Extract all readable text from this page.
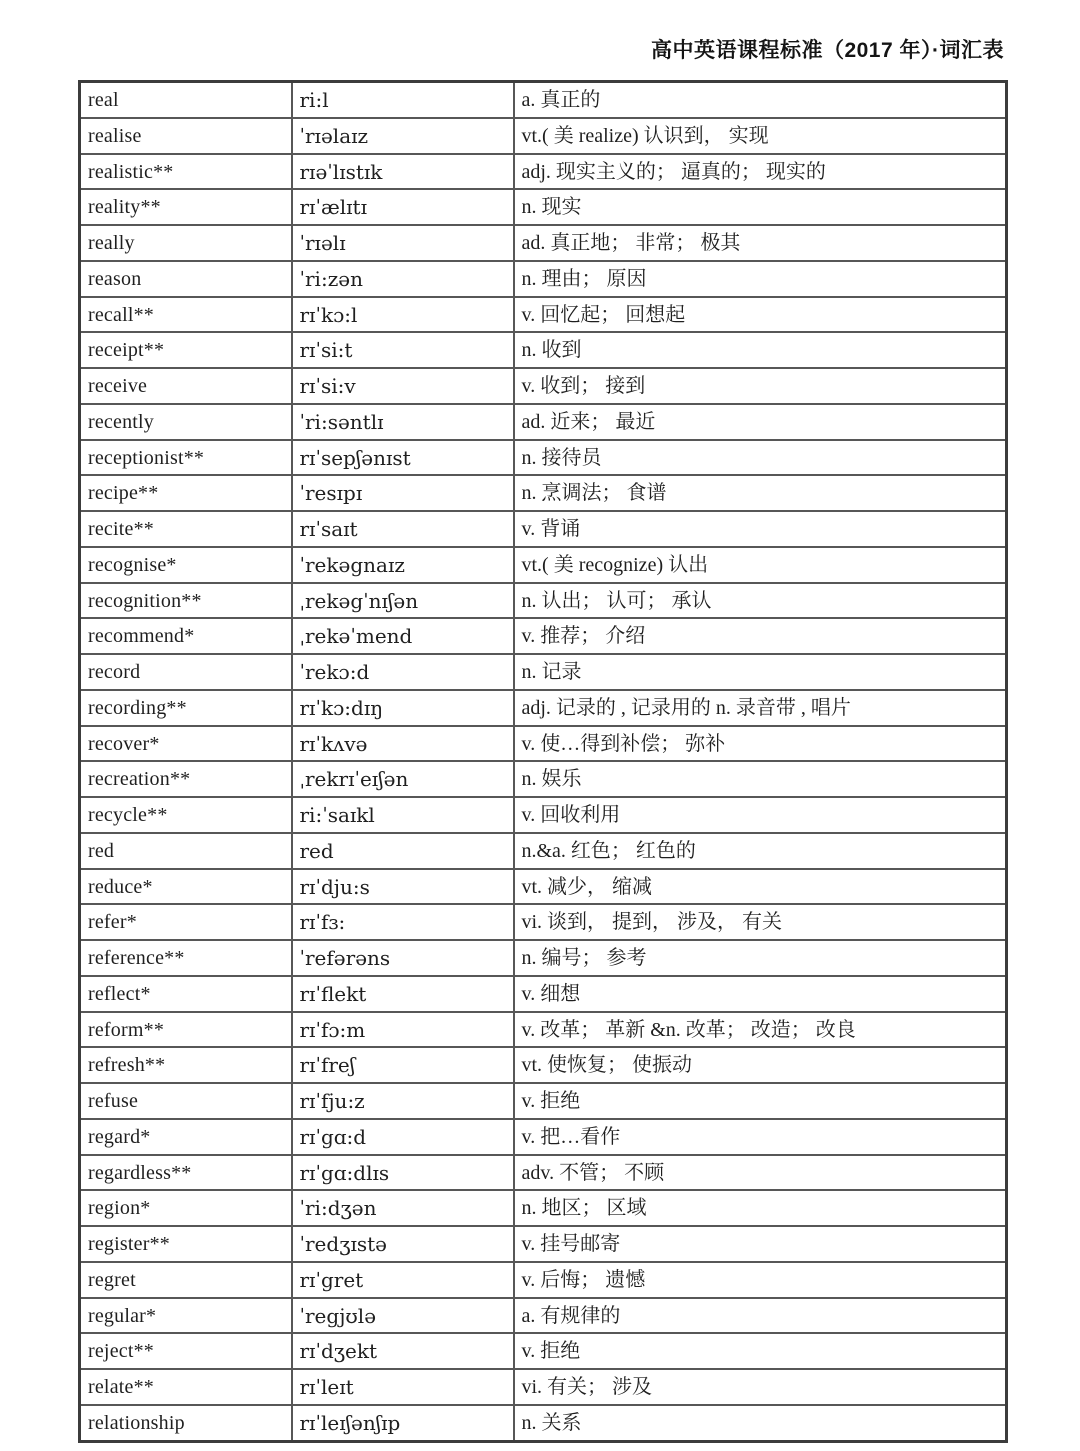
高中英语课程标准（2017 年）·词汇表
real	ri:l	a. 真正的
realise	ˈrɪəlaɪz	vt.( 美 realize) 认识到， 实现
realistic**	rɪəˈlɪstɪk	adj. 现实主义的； 逼真的； 现实的
reality**	rɪˈælɪtɪ	n. 现实
really	ˈrɪəlɪ	ad. 真正地； 非常； 极其
reason	ˈri:zən	n. 理由； 原因
recall**	rɪˈkɔ:l	v. 回忆起； 回想起
receipt**	rɪˈsi:t	n. 收到
receive	rɪˈsi:v	v. 收到； 接到
recently	ˈri:səntlɪ	ad. 近来； 最近
receptionist**	rɪˈsepʃənɪst	n. 接待员
recipe**	ˈresɪpɪ	n. 烹调法； 食谱
recite**	rɪˈsaɪt	v. 背诵
recognise*	ˈrekəgnaɪz	vt.( 美 recognize) 认出
recognition**	ˌrekəgˈnɪʃən	n. 认出； 认可； 承认
recommend*	ˌrekəˈmend	v. 推荐； 介绍
record	ˈrekɔ:d	n. 记录
recording**	rɪˈkɔ:dɪŋ	adj. 记录的 , 记录用的 n. 录音带 , 唱片
recover*	rɪˈkʌvə	v. 使…得到补偿； 弥补
recreation**	ˌrekrɪˈeɪʃən	n. 娱乐
recycle**	ri:ˈsaɪkl	v. 回收利用
red	red	n.&a. 红色； 红色的
reduce*	rɪˈdju:s	vt. 减少， 缩减
refer*	rɪˈfɜ:	vi. 谈到， 提到， 涉及， 有关
reference**	ˈrefərəns	n. 编号； 参考
reflect*	rɪˈflekt	v. 细想
reform**	rɪˈfɔ:m	v. 改革； 革新 &n. 改革； 改造； 改良
refresh**	rɪˈfreʃ	vt. 使恢复； 使振动
refuse	rɪˈfju:z	v. 拒绝
regard*	rɪˈgɑ:d	v. 把…看作
regardless**	rɪˈgɑ:dlɪs	adv. 不管； 不顾
region*	ˈri:dʒən	n. 地区； 区域
register**	ˈredʒɪstə	v. 挂号邮寄
regret	rɪˈgret	v. 后悔； 遗憾
regular*	ˈregjʊlə	a. 有规律的
reject**	rɪˈdʒekt	v. 拒绝
relate**	rɪˈleɪt	vi. 有关； 涉及
relationship	rɪˈleɪʃənʃɪp	n. 关系
